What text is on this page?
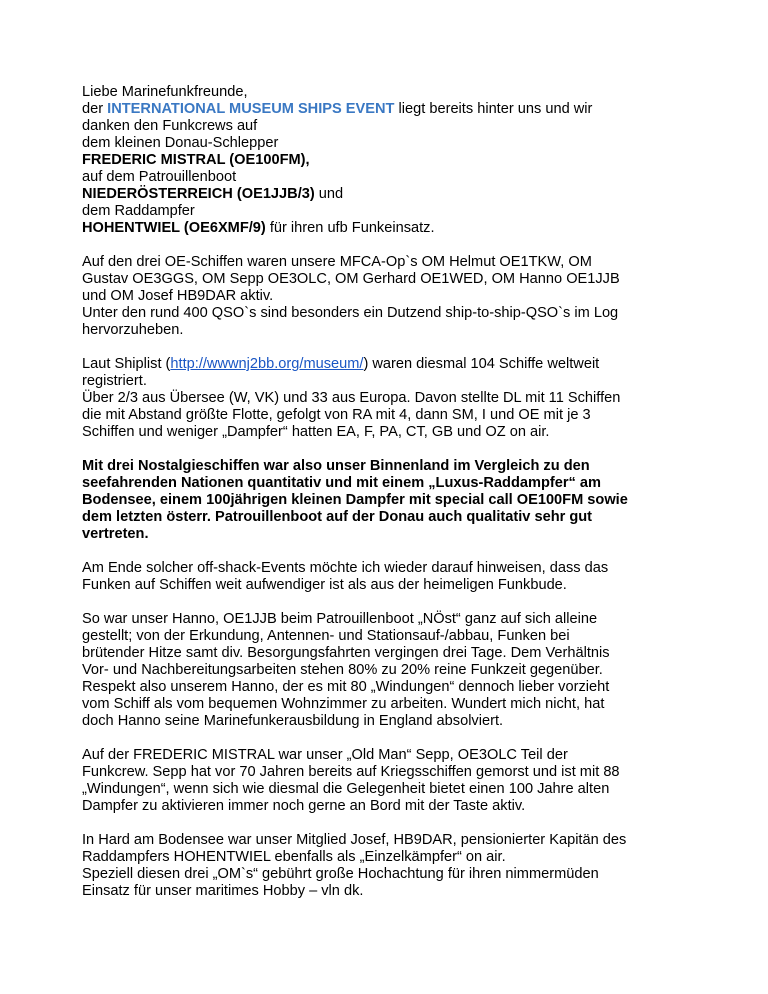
Liebe Marinefunkfreunde,
der INTERNATIONAL MUSEUM SHIPS EVENT liegt bereits hinter uns und wir
danken den Funkcrews auf
dem kleinen Donau-Schlepper
FREDERIC MISTRAL (OE100FM),
auf dem Patrouillenboot
NIEDERÖSTERREICH (OE1JJB/3) und
dem Raddampfer
HOHENTWIEL (OE6XMF/9) für ihren ufb Funkeinsatz.
Auf den drei OE-Schiffen waren unsere MFCA-Op`s OM Helmut OE1TKW, OM
Gustav OE3GGS, OM Sepp OE3OLC, OM Gerhard OE1WED, OM Hanno OE1JJB
und OM Josef HB9DAR aktiv.
Unter den rund 400 QSO`s sind besonders ein Dutzend ship-to-ship-QSO`s im Log
hervorzuheben.
Laut Shiplist (http://wwwnj2bb.org/museum/) waren diesmal 104 Schiffe weltweit
registriert.
Über 2/3 aus Übersee (W, VK) und 33 aus Europa. Davon stellte DL mit 11 Schiffen
die mit Abstand größte Flotte, gefolgt von RA mit 4, dann SM, I und OE mit je 3
Schiffen und weniger „Dampfer“ hatten EA, F, PA, CT, GB und OZ on air.
Mit drei Nostalgieschiffen war also unser Binnenland im Vergleich zu den
seefahrenden Nationen quantitativ und mit einem „Luxus-Raddampfer“ am
Bodensee, einem 100jährigen kleinen Dampfer mit special call OE100FM sowie
dem letzten österr. Patrouillenboot auf der Donau auch qualitativ sehr gut
vertreten.
Am Ende solcher off-shack-Events möchte ich wieder darauf hinweisen, dass das
Funken auf Schiffen weit aufwendiger ist als aus der heimeligen Funkbude.
So war unser Hanno, OE1JJB beim Patrouillenboot „NÖst“ ganz auf sich alleine
gestellt; von der Erkundung, Antennen- und Stationsauf-/abbau, Funken bei
brütender Hitze samt div. Besorgungsfahrten vergingen drei Tage. Dem Verhältnis
Vor- und Nachbereitungsarbeiten stehen 80% zu 20% reine Funkzeit gegenüber.
Respekt also unserem Hanno, der es mit 80 „Windungen“ dennoch lieber vorzieht
vom Schiff als vom bequemen Wohnzimmer zu arbeiten. Wundert mich nicht, hat
doch Hanno seine Marinefunkerausbildung in England absolviert.
Auf der FREDERIC MISTRAL war unser „Old Man“ Sepp, OE3OLC Teil der
Funkcrew. Sepp hat vor 70 Jahren bereits auf Kriegsschiffen gemorst und ist mit 88
„Windungen“, wenn sich wie diesmal die Gelegenheit bietet einen 100 Jahre alten
Dampfer zu aktivieren immer noch gerne an Bord mit der Taste aktiv.
In Hard am Bodensee war unser Mitglied Josef, HB9DAR, pensionierter Kapitän des
Raddampfers HOHENTWIEL ebenfalls als „Einzelkämpfer“ on air.
Speziell diesen drei „OM`s“ gebührt große Hochachtung für ihren nimmermüden
Einsatz für unser maritimes Hobby – vln dk.
